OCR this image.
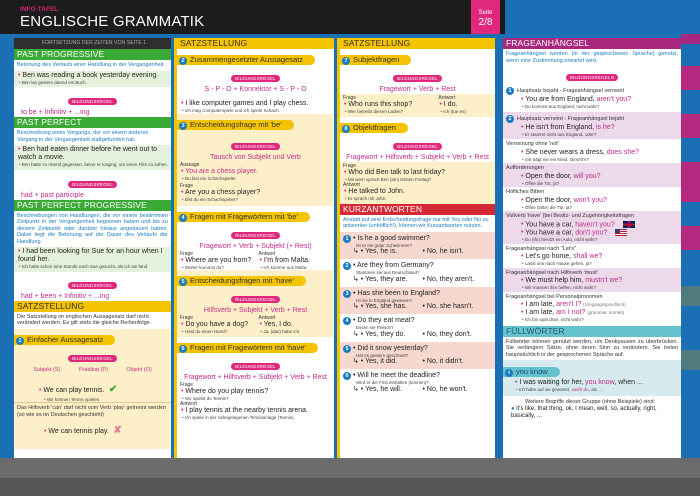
INFO-TAFEL
ENGLISCHE GRAMMATIK	Seite
2/8
FORTSETZUNG DER ZEITEN VON SEITE 1
PAST PROGRESSIVE
Betonung des Verlaufs einer Handlung in der Vergangenheit.
• Ben was reading a book yesterday evening.
• Ben las gestern abend ein Buch.
BILDUNGSREGEL
to be + Infinitiv + ...ing
PAST PERFECT
Beschreibung eines Vorgangs, der vor einem anderen Vorgang in der Vergangenheit stattgefunden hat.
• Ben had eaten dinner before he went out to watch a movie.
• Ben hatte zu Abend gegessen, bevor er losging, um einen Film zu sehen.
BILDUNGSREGEL
had + past participle
PAST PERFECT PROGRESSIVE
Beschreibungen von Handlungen, die vor einem bestimmten Zeitpunkt in der Vergangenheit begonnen haben und bis zu diesem Zeitpunkt oder darüber hinaus angedauert haben. Dabei liegt die Betonung auf der Dauer des Verlaufs der Handlung.
• I had been looking for Sue for an hour when I found her.
• Ich hatte schon eine Stunde nach Sue gesucht, als ich sie fand.
BILDUNGSREGEL
had + been + Infinitiv + ...ing
SATZSTELLUNG
Die Satzstellung im englischen Aussagesatz darf nicht verändert werden. Es gilt stets die gleiche Reihenfolge.
1 Einfacher Aussagesatz
BILDUNGSREGEL
Subjekt (S)	Prädikat (P)	Objekt (O)
• We can play tennis. ✔
• Wir können Tennis spielen.
Das Hilfsverb 'can' darf nicht vom Verb 'play' getrennt werden (so wie es im Deutschen geschieht)
• We can tennis play. ✘
SATZSTELLUNG
2 Zusammengesetzter Aussagesatz
BILDUNGSREGEL
S - P - O + Konnektor + S - P - O
• I like computer games and I play chess.
• Ich mag Computerspiele und ich spiele Schach.
3 Entscheidungsfrage mit 'be'
BILDUNGSREGEL
Tausch von Subjekt und Verb
Aussage
• You are a chess player.
• Du bist ein Schachspieler.
Frage
• Are you a chess player?
• Bist du ein Schachspieler?
4 Fragen mit Fragewörtern mit 'be'
BILDUNGSREGEL
Fragewort + Verb + Subjekt (+ Rest)
Frage
• Where are you from?
• Woher kommst du?
Antwort
• I'm from Malta.
• Ich komme aus Malta.
5 Entscheidungsfragen mit 'have'
BILDUNGSREGEL
Hilfsverb + Subjekt + Verb + Rest
Frage
• Do you have a dog?
• Hast du einen Hund?
Antwort
• Yes, I do.
• Ja, (das) habe ich.
6 Fragen mit Fragewörtern mit 'have'
BILDUNGSREGEL
Fragewort + Hilfsverb + Subjekt + Verb + Rest
Frage
• Where do you play tennis?
• Wo spielst du Tennis?
Antwort
• I play tennis at the nearby tennis arena.
• Ich spiele in der nahegelegenen Tennisanlage (Tennis).
SATZSTELLUNG
7 Subjektfragen
BILDUNGSREGEL
Fragewort + Verb + Rest
Frage
• Who runs this shop?
• Wer betreibt diesen Laden?
Antwort
• I do.
• Ich (tue es).
8 Objektfragen
BILDUNGSREGEL
Fragewort + Hilfsverb + Subjekt + Verb + Rest
Frage
• Who did Ben talk to last friday?
• Mit wem sprach Ben (am) letzten Freitag?
Antwort
• He talked to John.
• Er sprach mit John.
KURZANTWORTEN
Anstatt auf eine Entscheidungsfrage nur mit Yes oder No zu antworten (unhöflich!), können wir Kurzantworten nutzen.
1 • Is he a good swimmer?
Ist er ein guter Schwimmer?
↳ • Yes, he is.	• No, he isn't.
2 • Are they from Germany?
Stammen sie aus Deutschland?
↳ • Yes, they are.	• No, they aren't.
3 • Has she been to England?
Ist sie in England gewesen?
↳ • Yes, she has.	• No, she hasn't.
4 • Do they eat meat?
Essen sie Fleisch?
↳ • Yes, they do.	• No, they don't.
5 • Did it snow yesterday?
Hat es gestern geschneit?
↳ • Yes, it did.	• No, it didn't.
6 • Will he meet the deadline?
Wird er die Frist einhalten (können)?
↳ • Yes, he will.	• No, he won't.
FRAGEANHÄNGSEL
Frageanhängsel werden (in der gesprochenen Sprache) genutzt, wenn eine Zustimmung erwartet wird.
BILDUNGSREGELN
1 Hauptsatz bejaht - Frageanhängsel verneint
• You are from England, aren't you?
• Du kommst aus England, nicht wahr?
2 Hauptsatz verneint - Frageanhängsel bejaht
• He isn't from England, is he?
• Er stammt nicht aus England, oder?
Verneinung ohne 'not'
• She never wears a dress, does she?
• Sie trägt nie ein Kleid, stimmt's?
Aufforderungen
• Open the door, will you?
• Öffne die Tür, ja?
Höfliches Bitten
• Open the door, won't you?
• Öffne (bitte) die Tür, ja?
Vollverb 'have' (bei Besitz- und Zugehörigkeitsfragen
• You have a car, haven't you?
• You have a car, don't you?
• Du (Ihr) besitzt ein Auto, nicht wahr?
Frageanhängsel nach "Let's"
• Let's go home, shall we?
• Lasst uns nach Hause gehen, ja?
Frageanhängsel nach Hilfsverb 'must'
• We must help him, mustn't we?
• Wir müssen ihm helfen, nicht wahr?
Frageanhängsel bei Personalpronomen
• I am late, aren't I? (Umgangssprachlich)
• I am late, am I not? (grammat. korrekt)
• Ich bin spät dran, nicht wahr?
FÜLLWÖRTER
Füllwörter können genutzt werden, um Denkpausen zu überbrücken. Sie verlängern Sätze, ohne deren Sinn zu verändern. Sie treten hauptsächlich in der gesprochenen Sprache auf.
i you know
• I was waiting for her, you know, when ...
• Ich habe auf sie gewartet, weißt du, als ...
Weitere Begriffe dieser Gruppe (ohne Beispiele) sind:
● it's like, that thing, ok, I mean, well, so, actually, right, basically, ...
